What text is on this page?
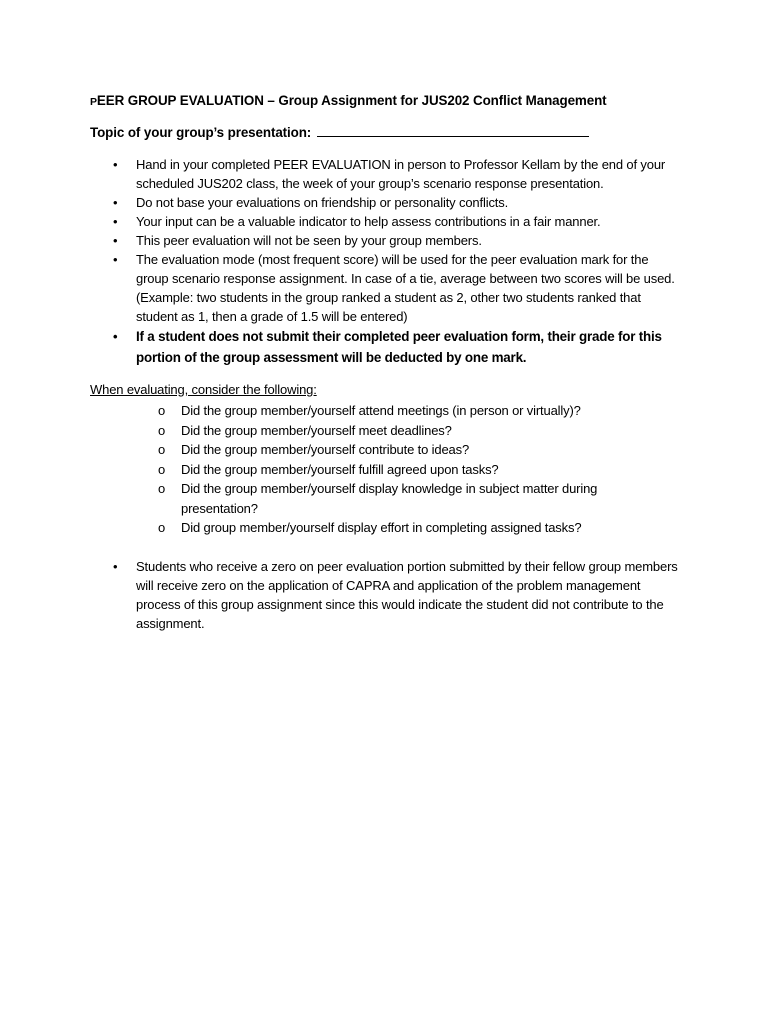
PEER GROUP EVALUATION – Group Assignment for JUS202 Conflict Management
Topic of your group’s presentation:
• Hand in your completed PEER EVALUATION in person to Professor Kellam by the end of your scheduled JUS202 class, the week of your group’s scenario response presentation.
• Do not base your evaluations on friendship or personality conflicts.
• Your input can be a valuable indicator to help assess contributions in a fair manner.
• This peer evaluation will not be seen by your group members.
• The evaluation mode (most frequent score) will be used for the peer evaluation mark for the group scenario response assignment. In case of a tie, average between two scores will be used. (Example: two students in the group ranked a student as 2, other two students ranked that student as 1, then a grade of 1.5 will be entered)
• If a student does not submit their completed peer evaluation form, their grade for this portion of the group assessment will be deducted by one mark.
When evaluating, consider the following:
o Did the group member/yourself attend meetings (in person or virtually)?
o Did the group member/yourself meet deadlines?
o Did the group member/yourself contribute to ideas?
o Did the group member/yourself fulfill agreed upon tasks?
o Did the group member/yourself display knowledge in subject matter during presentation?
o Did group member/yourself display effort in completing assigned tasks?
• Students who receive a zero on peer evaluation portion submitted by their fellow group members will receive zero on the application of CAPRA and application of the problem management process of this group assignment since this would indicate the student did not contribute to the assignment.
